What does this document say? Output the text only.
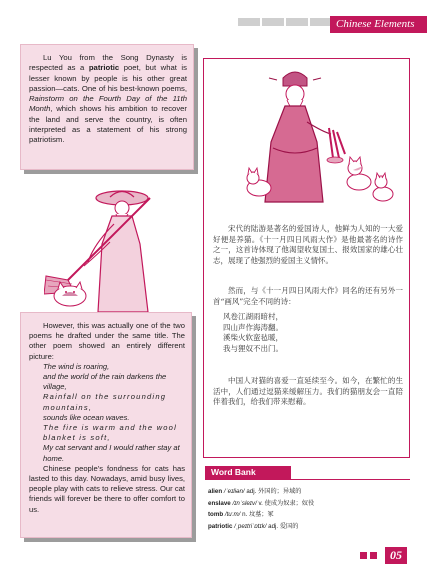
Chinese Elements

Lu You from the Song Dynasty is respected as a patriotic poet, but what is lesser known by people is his other great passion—cats. One of his best-known poems, Rainstorm on the Fourth Day of the 11th Month, which shows his ambition to recover the land and serve the country, is often interpreted as a statement of his strong patriotism.

However, this was actually one of the two poems he drafted under the same title. The other poem showed an entirely different picture:

The wind is roaring,
and the world of the rain darkens the village,
Rainfall on the surrounding mountains,
sounds like ocean waves.
The fire is warm and the wool blanket is soft,
My cat servant and I would rather stay at home.

Chinese people’s fondness for cats has lasted to this day. Nowadays, amid busy lives, people play with cats to relieve stress. Our cat friends will forever be there to offer comfort to us.

宋代的陆游是著名的爱国诗人，他鲜为人知的一大爱好便是养猫。《十一月四日风雨大作》是他最著名的诗作之一，这首诗体现了他渴望收复国土、报效国家的雄心壮志，展现了他强烈的爱国主义情怀。

然而，与《十一月四日风雨大作》同名的还有另外一首“画风”完全不同的诗：

风卷江湖雨暗村，
四山声作海涛翻。
溪柴火软蛮毡暖，
我与狸奴不出门。

中国人对猫的喜爱一直延续至今。如今，在繁忙的生活中，人们通过逗猫来缓解压力。我们的猫朋友会一直陪伴着我们，给我们带来慰藉。

Word Bank
alien /ˈeɪliən/ adj. 外国的；异域的
enslave /ɪnˈsleɪv/ v. 使成为奴隶；奴役
tomb /tuːm/ n. 坟墓；冢
patriotic /ˌpeɪtriˈɒtɪk/ adj. 爱国的
05
